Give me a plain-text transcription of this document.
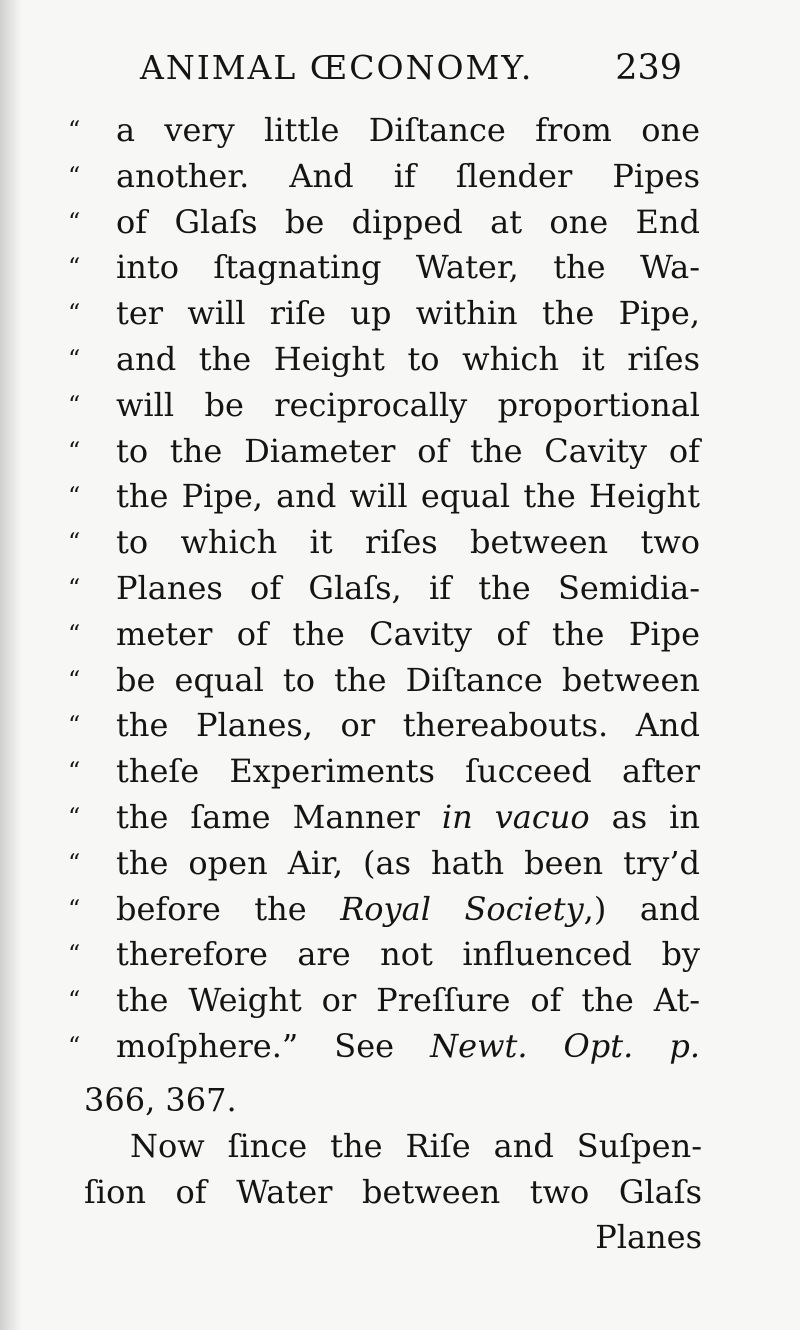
ANIMAL ŒCONOMY. 239
“
“
“
“
“
“
“
“
“
“
“
“
“
“
“
“
“
“
“
“
“
a very little Diſtance from one
another. And if ſlender Pipes
of Glaſs be dipped at one End
into ſtagnating Water, the Wa-
ter will riſe up within the Pipe,
and the Height to which it riſes
will be reciprocally proportional
to the Diameter of the Cavity of
the Pipe, and will equal the Height
to which it riſes between two
Planes of Glaſs, if the Semidia-
meter of the Cavity of the Pipe
be equal to the Diſtance between
the Planes, or thereabouts. And
theſe Experiments ſucceed after
the ſame Manner in vacuo as in
the open Air, (as hath been try’d
before the Royal Society,) and
therefore are not influenced by
the Weight or Preſſure of the At-
moſphere.” See Newt. Opt. p.
366, 367.
Now ſince the Riſe and Suſpen-
ſion of Water between two Glaſs
Planes
